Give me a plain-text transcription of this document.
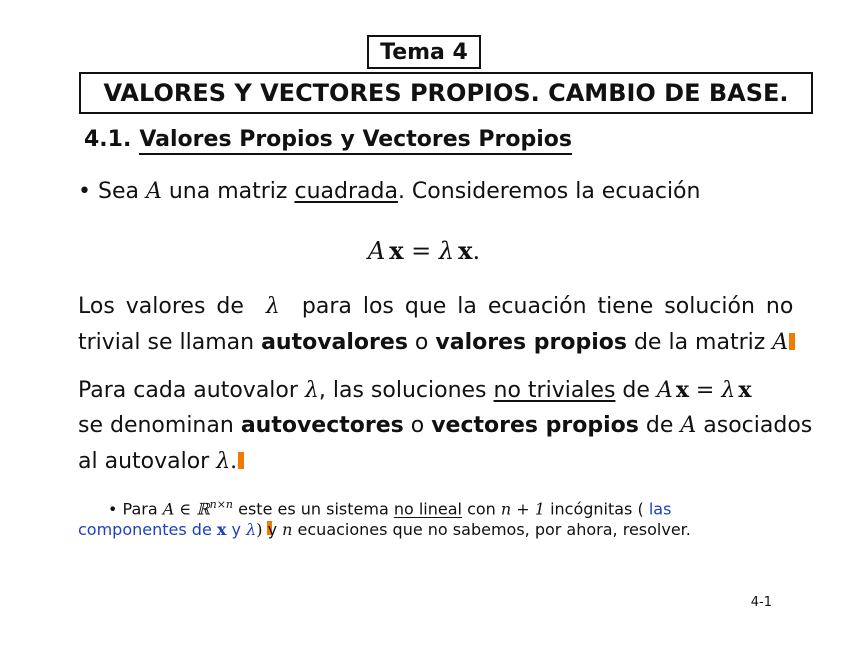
Tema 4
VALORES Y VECTORES PROPIOS. CAMBIO DE BASE.
4.1. Valores Propios y Vectores Propios
• Sea A una matriz cuadrada. Consideremos la ecuación
A x = λ x.
Los valores de λ para los que la ecuación tiene solución no
trivial se llaman autovalores o valores propios de la matriz A
Para cada autovalor λ, las soluciones no triviales de A x = λ x
se denominan autovectores o vectores propios de A asociados
al autovalor λ.
• Para A ∈ ℝ$^{n\times n}$ este es un sistema no lineal con n + 1 incógnitas ( las
componentes de x y λ) y n ecuaciones que no sabemos, por ahora, resolver.
4-1
